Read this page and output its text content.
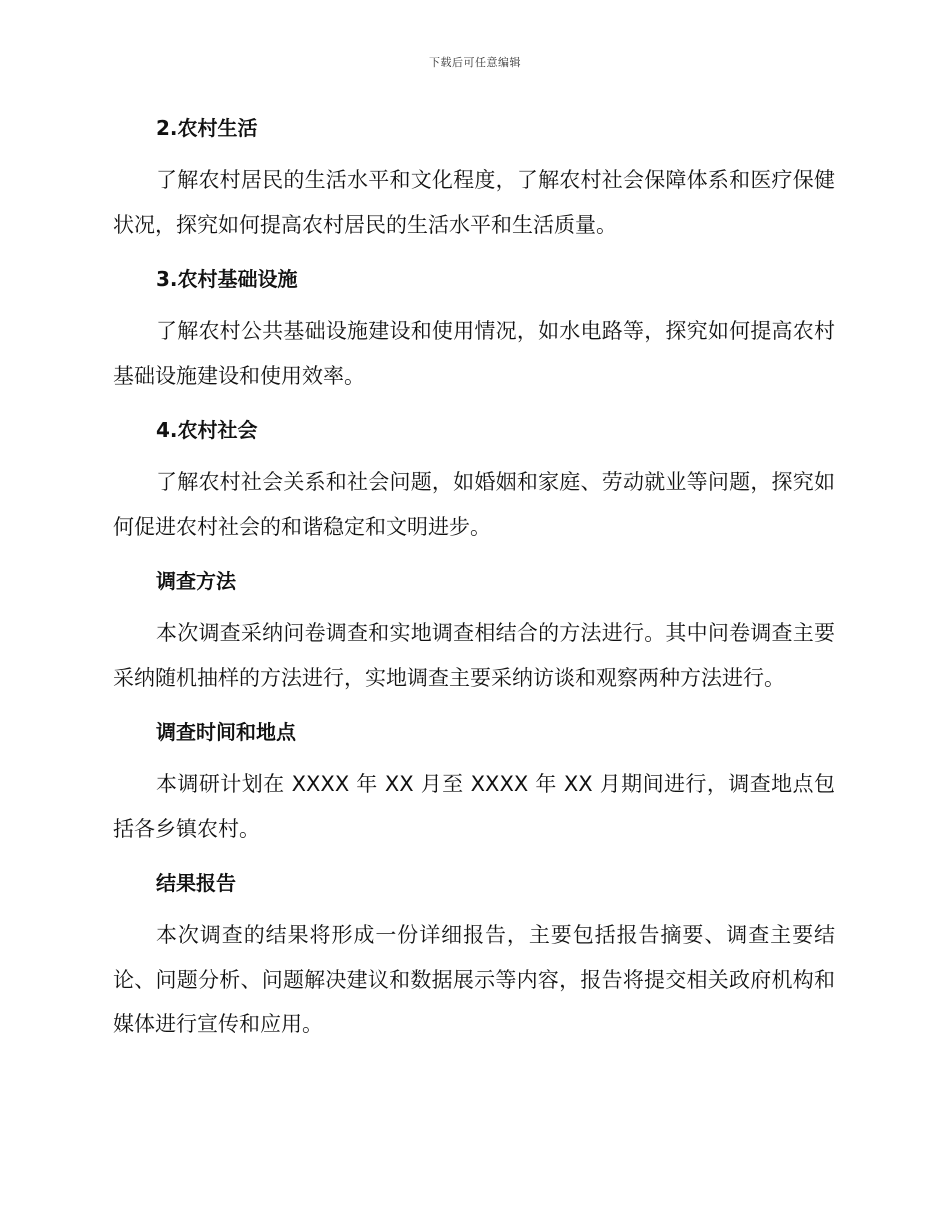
下载后可任意编辑
2.农村生活

了解农村居民的生活水平和文化程度，了解农村社会保障体系和医疗保健状况，探究如何提高农村居民的生活水平和生活质量。

3.农村基础设施

了解农村公共基础设施建设和使用情况，如水电路等，探究如何提高农村基础设施建设和使用效率。

4.农村社会

了解农村社会关系和社会问题，如婚姻和家庭、劳动就业等问题，探究如何促进农村社会的和谐稳定和文明进步。

调查方法

本次调查采纳问卷调查和实地调查相结合的方法进行。其中问卷调查主要采纳随机抽样的方法进行，实地调查主要采纳访谈和观察两种方法进行。

调查时间和地点

本调研计划在 XXXX 年 XX 月至 XXXX 年 XX 月期间进行，调查地点包括各乡镇农村。

结果报告

本次调查的结果将形成一份详细报告，主要包括报告摘要、调查主要结论、问题分析、问题解决建议和数据展示等内容，报告将提交相关政府机构和媒体进行宣传和应用。
